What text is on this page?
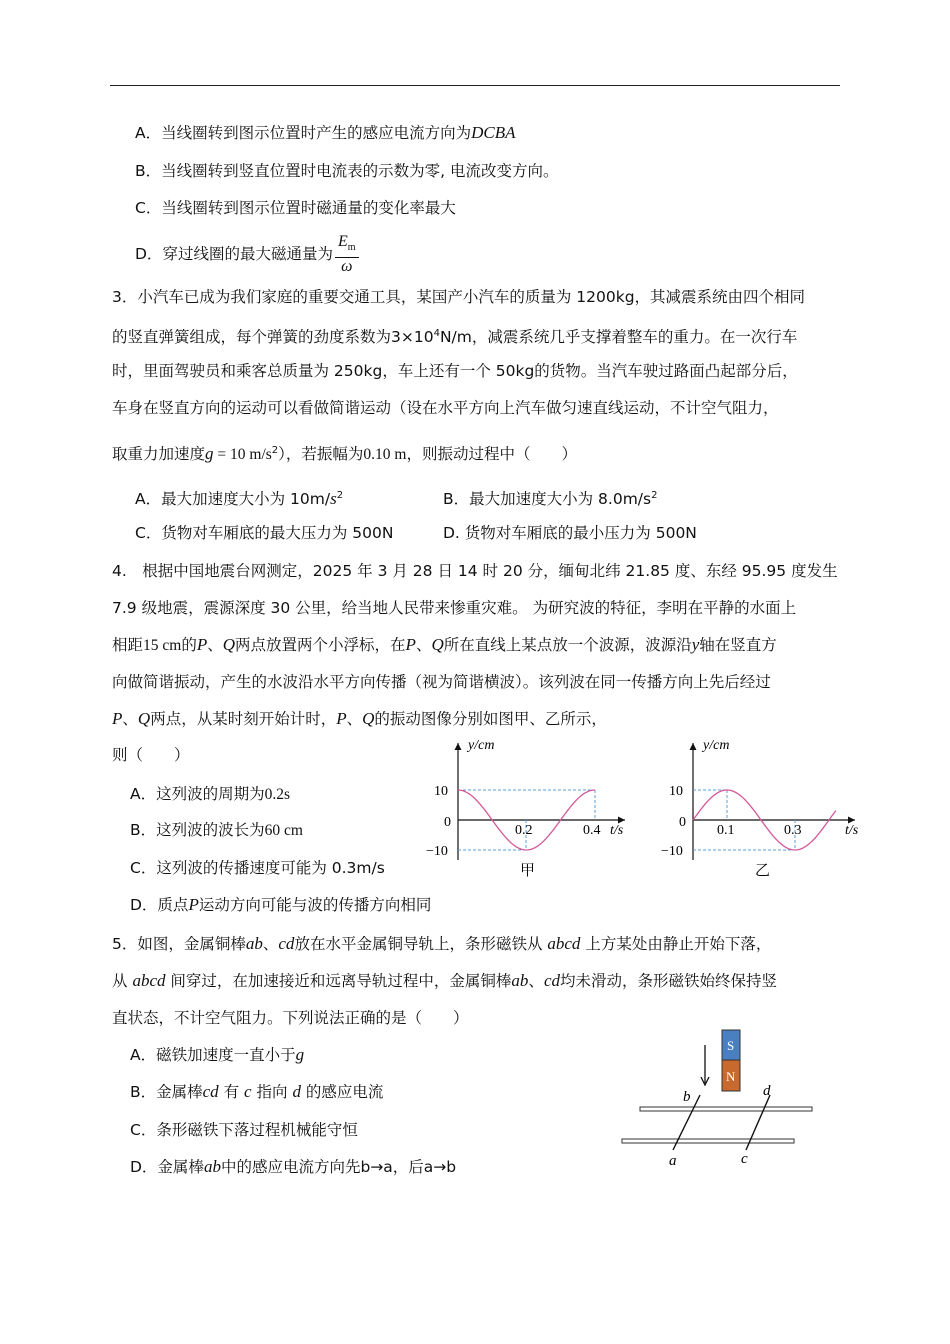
A．当线圈转到图示位置时产生的感应电流方向为DCBA
B．当线圈转到竖直位置时电流表的示数为零, 电流改变方向。
C．当线圈转到图示位置时磁通量的变化率最大
D．穿过线圈的最大磁通量为 $\frac{E_m}{\omega}$
3．小汽车已成为我们家庭的重要交通工具，某国产小汽车的质量为 1200kg，其减震系统由四个相同
的竖直弹簧组成，每个弹簧的劲度系数为$3\times 10^4N/m$，减震系统几乎支撑着整车的重力。在一次行车
时，里面驾驶员和乘客总质量为 250kg，车上还有一个 50kg的货物。当汽车驶过路面凸起部分后，
车身在竖直方向的运动可以看做简谐运动（设在水平方向上汽车做匀速直线运动，不计空气阻力，
取重力加速度g = 10 $m/s^2$），若振幅为0.10 m，则振动过程中（　　）
A．最大加速度大小为 $10m/s^2$	B．最大加速度大小为 $8.0m/s^2$
C．货物对车厢底的最大压力为 500N	D. 货物对车厢底的最小压力为 500N
4.　根据中国地震台网测定，2025 年 3 月 28 日 14 时 20 分，缅甸北纬 21.85 度、东经 95.95 度发生
7.9 级地震，震源深度 30 公里，给当地人民带来惨重灾难。 为研究波的特征，李明在平静的水面上
相距15 cm的P、Q两点放置两个小浮标，在P、Q所在直线上某点放一个波源，波源沿y轴在竖直方
向做简谐振动，产生的水波沿水平方向传播（视为简谐横波）。该列波在同一传播方向上先后经过
P、Q两点，从某时刻开始计时，P、Q的振动图像分别如图甲、乙所示，
则（　　）
A．这列波的周期为0.2s
B．这列波的波长为60 cm
C．这列波的传播速度可能为 0.3m/s
D．质点P运动方向可能与波的传播方向相同
y/cm
t/s
10
0
−10
0.2	0.4
甲
y/cm
t/s
10
0
−10
0.1	0.3
乙
5．如图，金属铜棒ab、cd放在水平金属铜导轨上，条形磁铁从 abcd 上方某处由静止开始下落，
从 abcd 间穿过，在加速接近和远离导轨过程中，金属铜棒ab、cd均未滑动，条形磁铁始终保持竖
直状态，不计空气阻力。下列说法正确的是（　　）
A．磁铁加速度一直小于g
B．金属棒cd 有 c 指向 d 的感应电流
C．条形磁铁下落过程机械能守恒
D．金属棒ab中的感应电流方向先b→a，后a→b
S
N
b	d
a	c
